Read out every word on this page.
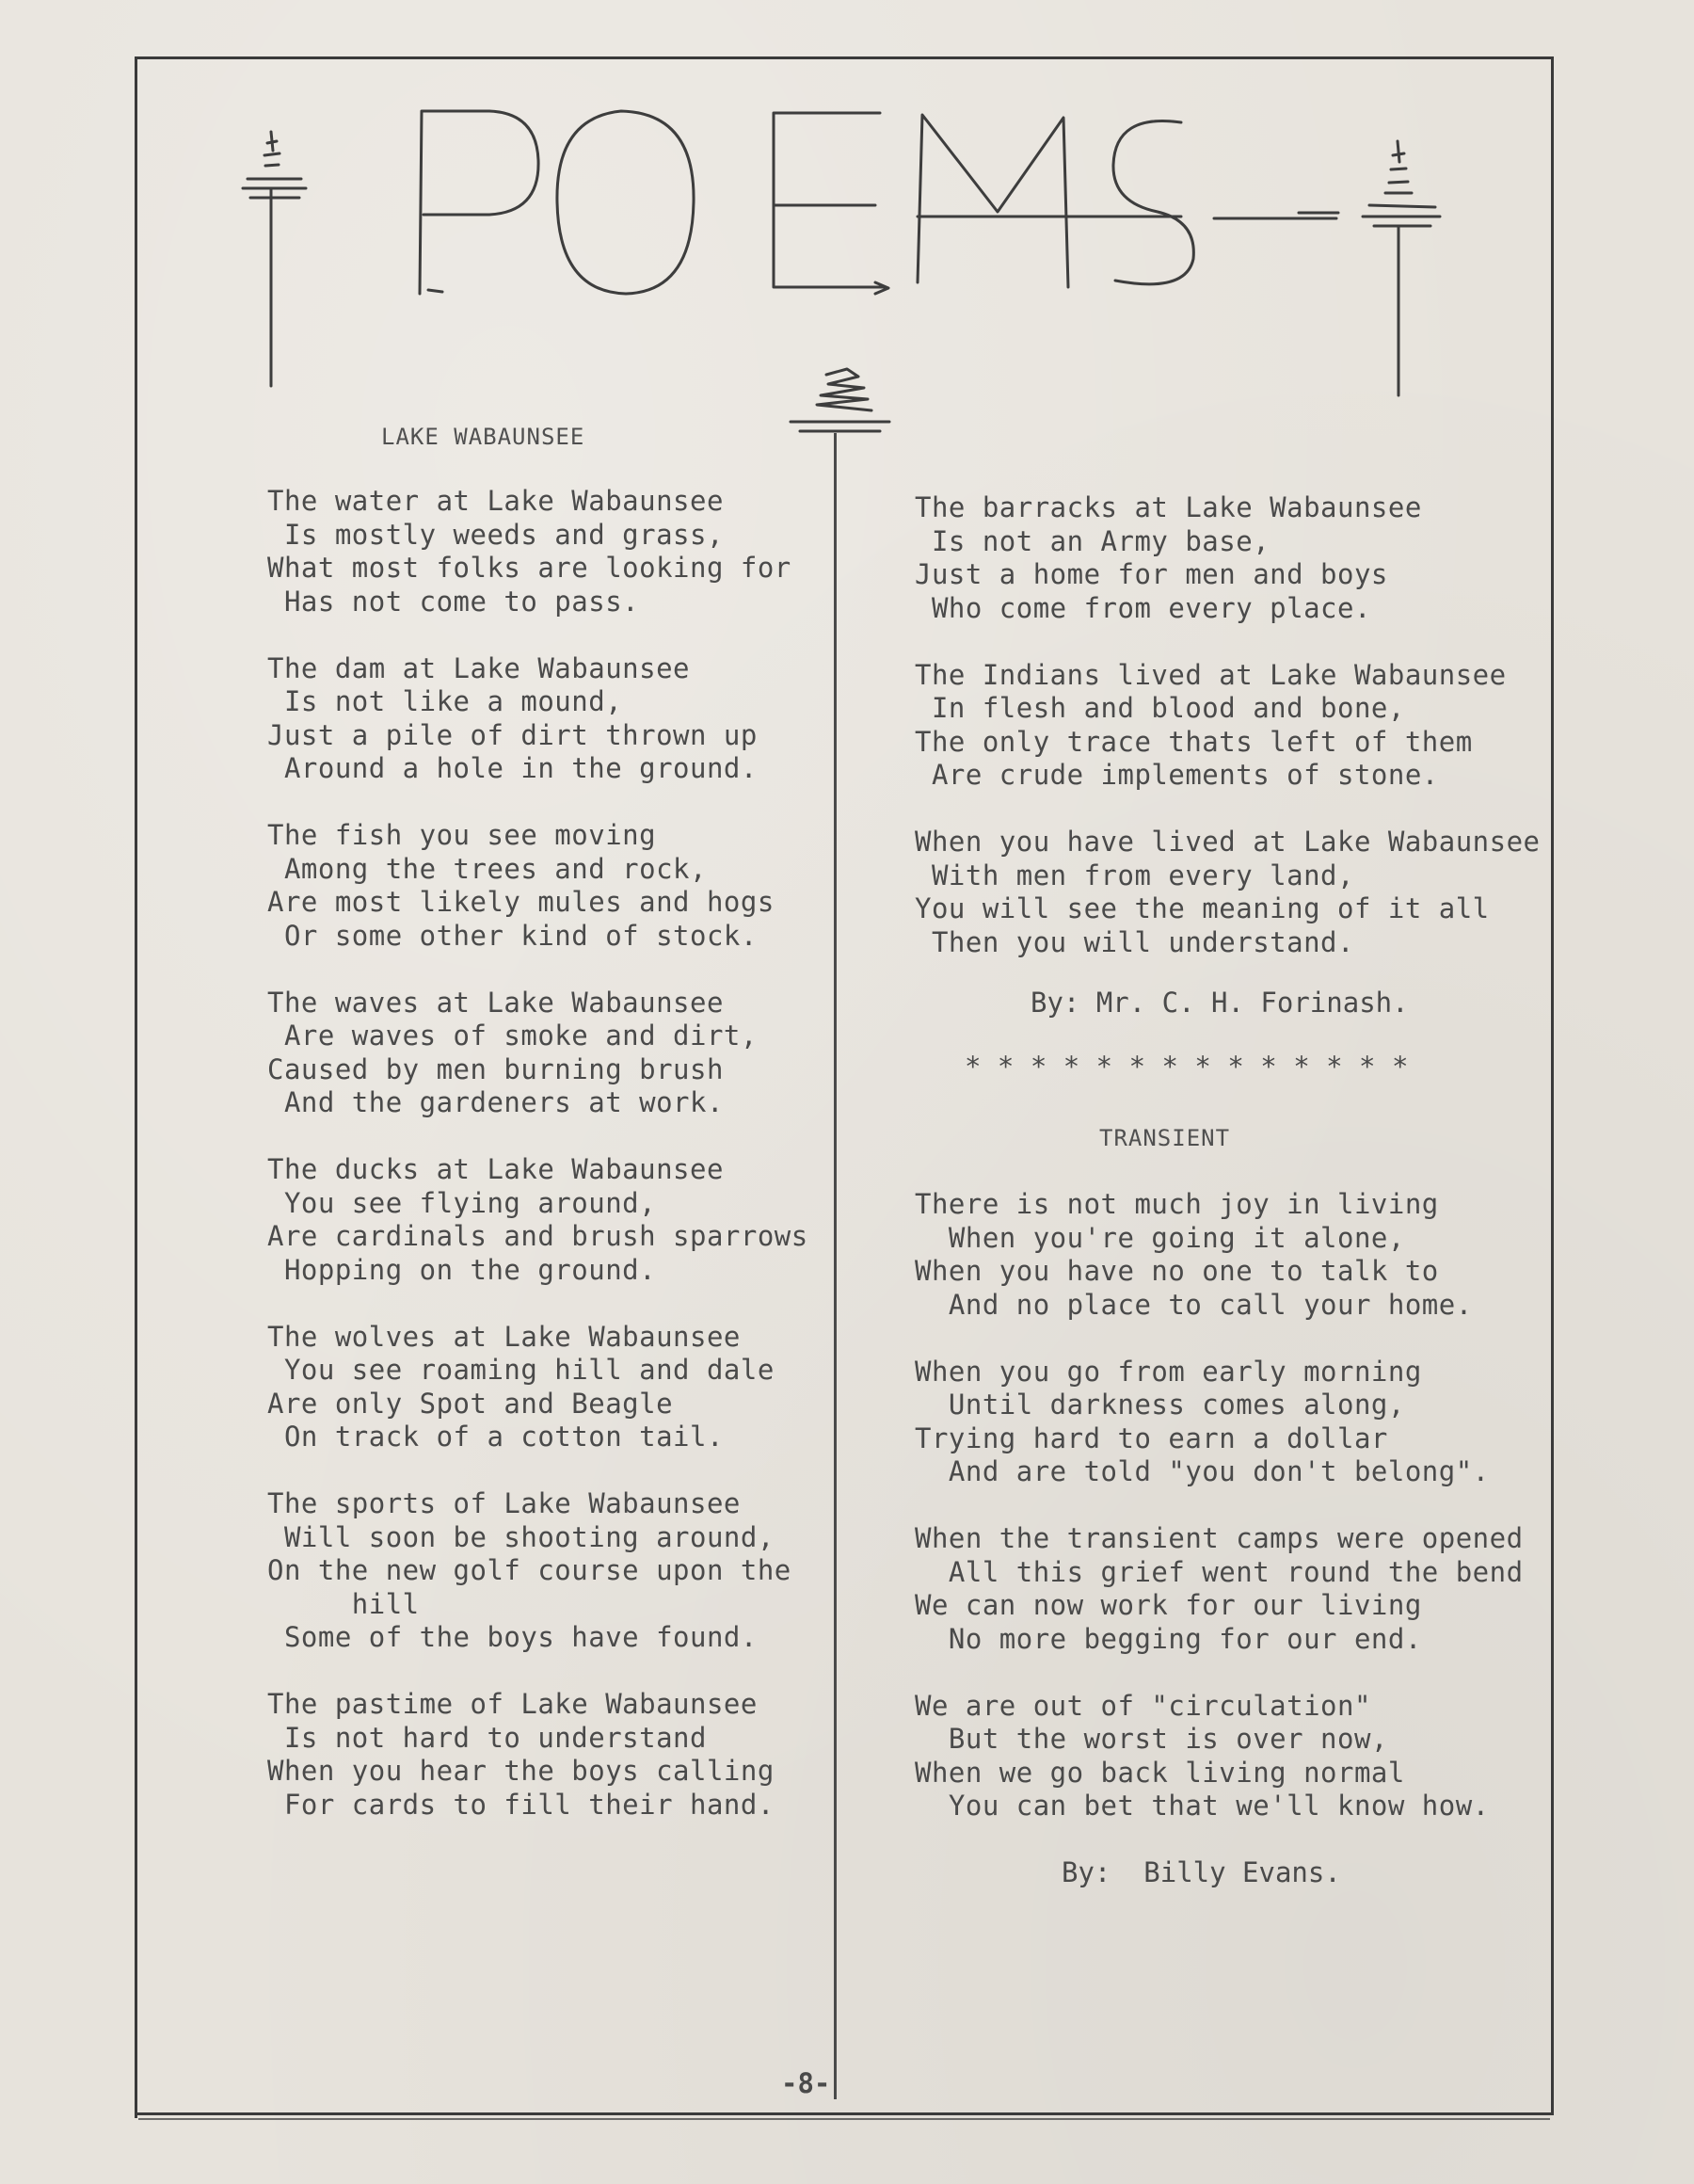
LAKE WABAUNSEE
The water at Lake Wabaunsee
Is mostly weeds and grass,
What most folks are looking for
Has not come to pass.

The dam at Lake Wabaunsee
Is not like a mound,
Just a pile of dirt thrown up
Around a hole in the ground.

The fish you see moving
Among the trees and rock,
Are most likely mules and hogs
Or some other kind of stock.

The waves at Lake Wabaunsee
Are waves of smoke and dirt,
Caused by men burning brush
And the gardeners at work.

The ducks at Lake Wabaunsee
You see flying around,
Are cardinals and brush sparrows
Hopping on the ground.

The wolves at Lake Wabaunsee
You see roaming hill and dale
Are only Spot and Beagle
On track of a cotton tail.

The sports of Lake Wabaunsee
Will soon be shooting around,
On the new golf course upon the
hill
Some of the boys have found.

The pastime of Lake Wabaunsee
Is not hard to understand
When you hear the boys calling
For cards to fill their hand.
The barracks at Lake Wabaunsee
Is not an Army base,
Just a home for men and boys
Who come from every place.

The Indians lived at Lake Wabaunsee
In flesh and blood and bone,
The only trace thats left of them
Are crude implements of stone.

When you have lived at Lake Wabaunsee
With men from every land,
You will see the meaning of it all
Then you will understand.
By: Mr. C. H. Forinash.
* * * * * * * * * * * * * *
TRANSIENT
There is not much joy in living
When you're going it alone,
When you have no one to talk to
And no place to call your home.

When you go from early morning
Until darkness comes along,
Trying hard to earn a dollar
And are told "you don't belong".

When the transient camps were opened
All this grief went round the bend
We can now work for our living
No more begging for our end.

We are out of "circulation"
But the worst is over now,
When we go back living normal
You can bet that we'll know how.
By:  Billy Evans.
-8-
